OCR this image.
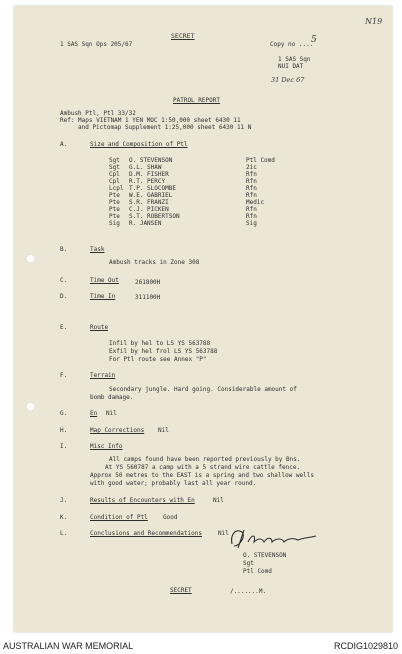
SECRET
N19
1 SAS Sqn Ops 205/67	Copy no ....
5
1 SAS Sqn
NUI DAT
31 Dec 67
PATROL REPORT
Ambush Ptl, Ptl 33/32
Ref: Maps VIETNAM 1 YEN MOC 1:50,000 sheet 6430 11
and Pictomap Supplement 1:25,000 sheet 6430 11 N
A.	Size and Composition of Ptl
Sgt O. STEVENSON	Ptl Comd
Sgt G.L. SHAW	2ic
Cpl D.M. FISHER	Rfn
Cpl R.T. PERCY	Rfn
Lcpl T.P. SLOCOMBE	Rfn
Pte W.E. GABRIEL	Rfn
Pte S.R. FRANZI	Medic
Pte C.J. PICKEN	Rfn
Pte S.T. ROBERTSON	Rfn
Sig R. JANSEN	Sig
B.	Task
Ambush tracks in Zone 308
C.	Time Out	261800H
D.	Time In	311100H
E.	Route
Infil by hel to LS YS 563788
Exfil by hel frol LS YS 563788
For Ptl route see Annex "P"
F.	Terrain
Secondary jungle. Hard going. Considerable amount of
bomb damage.
G.	En Nil
H.	Map Corrections Nil
I.	Misc Info
All camps found have been reported previously by Bns.
At YS 560787 a camp with a 5 strand wire cattle fence.
Approx 50 metres to the EAST is a spring and two shallow wells
with good water; probably last all year round.
J.	Results of Encounters with En	Nil
K.	Condition of Ptl	Good
L.	Conclusions and Recommendations	Nil
O. STEVENSON
Sgt
Ptl Comd
SECRET	/.......M.
AUSTRALIAN WAR MEMORIAL	RCDIG1029810
